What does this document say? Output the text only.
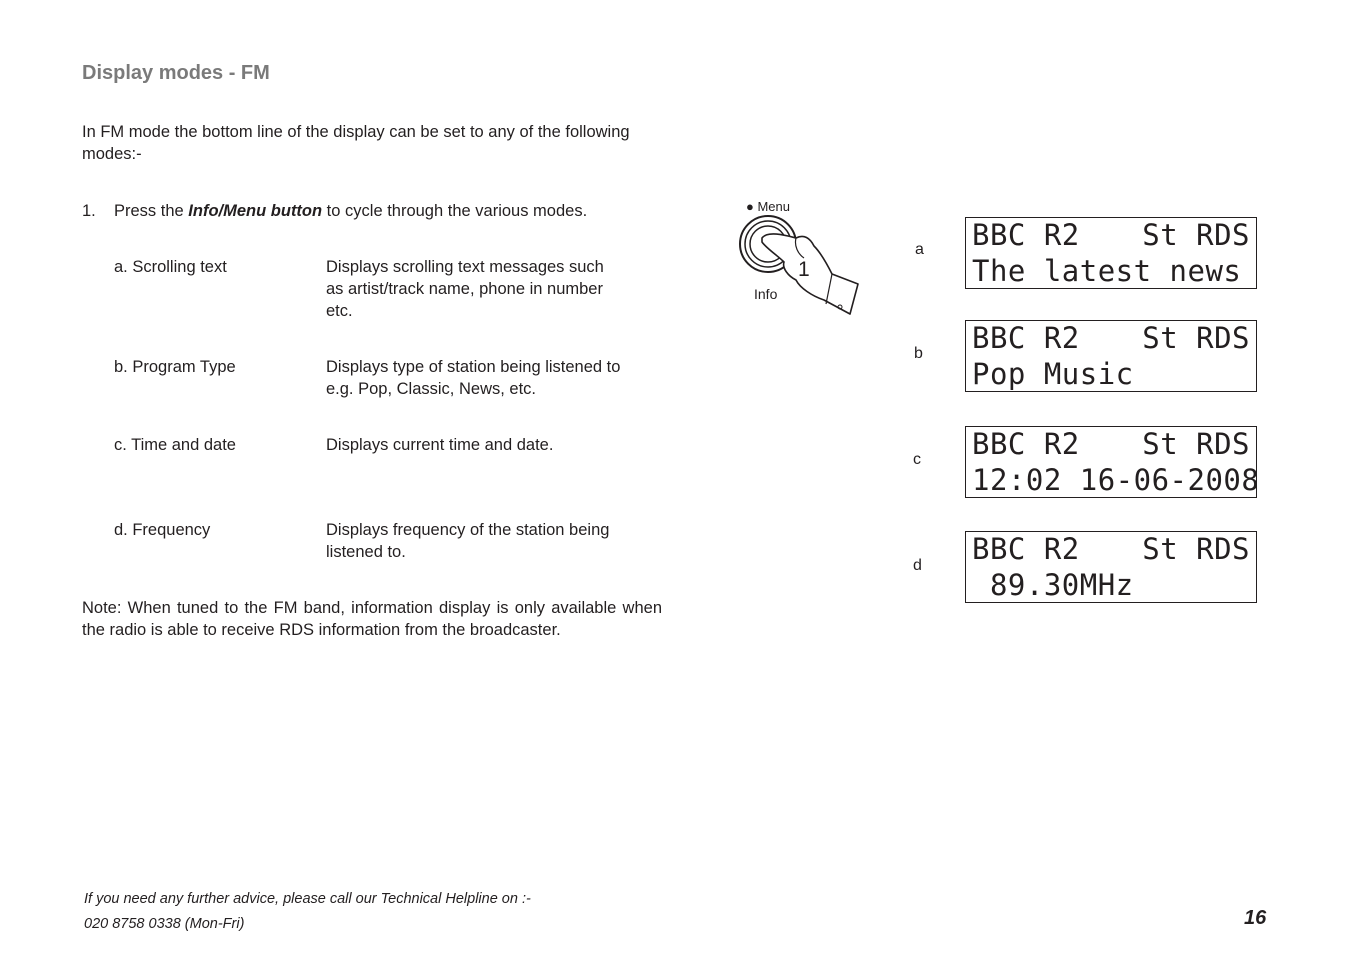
Display modes - FM
In FM mode the bottom line of the display can be set to any of the following modes:-
1. Press the Info/Menu button to cycle through the various modes.
a. Scrolling text	Displays scrolling text messages such
as artist/track name, phone in number
etc.
b. Program Type	Displays type of station being listened to
e.g. Pop, Classic, News, etc.
c. Time and date	Displays current time and date.
d. Frequency	Displays frequency of the station being
listened to.
Note: When tuned to the FM band, information display is only available when the radio is able to receive RDS information from the broadcaster.
● Menu
Info
1
a
b
c
d
BBC R2 St RDS
The latest news
BBC R2 St RDS
Pop Music
BBC R2 St RDS
12:02 16-06-2008
BBC R2 St RDS
89.30MHz
If you need any further advice, please call our Technical Helpline on :-
020 8758 0338 (Mon-Fri)	16
